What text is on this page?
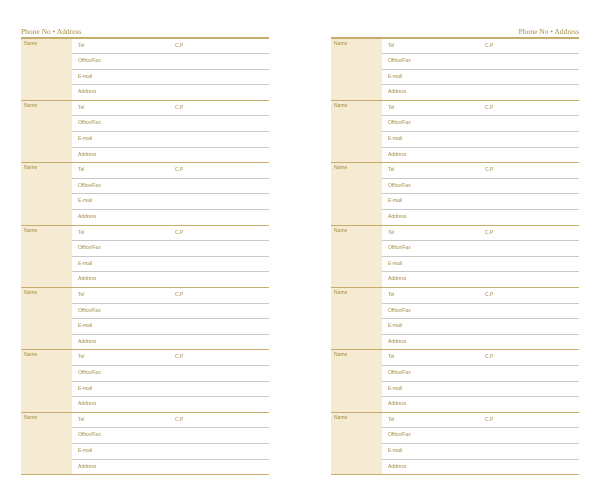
Phone No • Address
Name	Tel	C.P
Office/Fax
E-mail
Address
Name	Tel	C.P
Office/Fax
E-mail
Address
Name	Tel	C.P
Office/Fax
E-mail
Address
Name	Tel	C.P
Office/Fax
E-mail
Address
Name	Tel	C.P
Office/Fax
E-mail
Address
Name	Tel	C.P
Office/Fax
E-mail
Address
Name	Tel	C.P
Office/Fax
E-mail
Address
Phone No • Address
Name	Tel	C.P
Office/Fax
E-mail
Address
Name	Tel	C.P
Office/Fax
E-mail
Address
Name	Tel	C.P
Office/Fax
E-mail
Address
Name	Tel	C.P
Office/Fax
E-mail
Address
Name	Tel	C.P
Office/Fax
E-mail
Address
Name	Tel	C.P
Office/Fax
E-mail
Address
Name	Tel	C.P
Office/Fax
E-mail
Address
